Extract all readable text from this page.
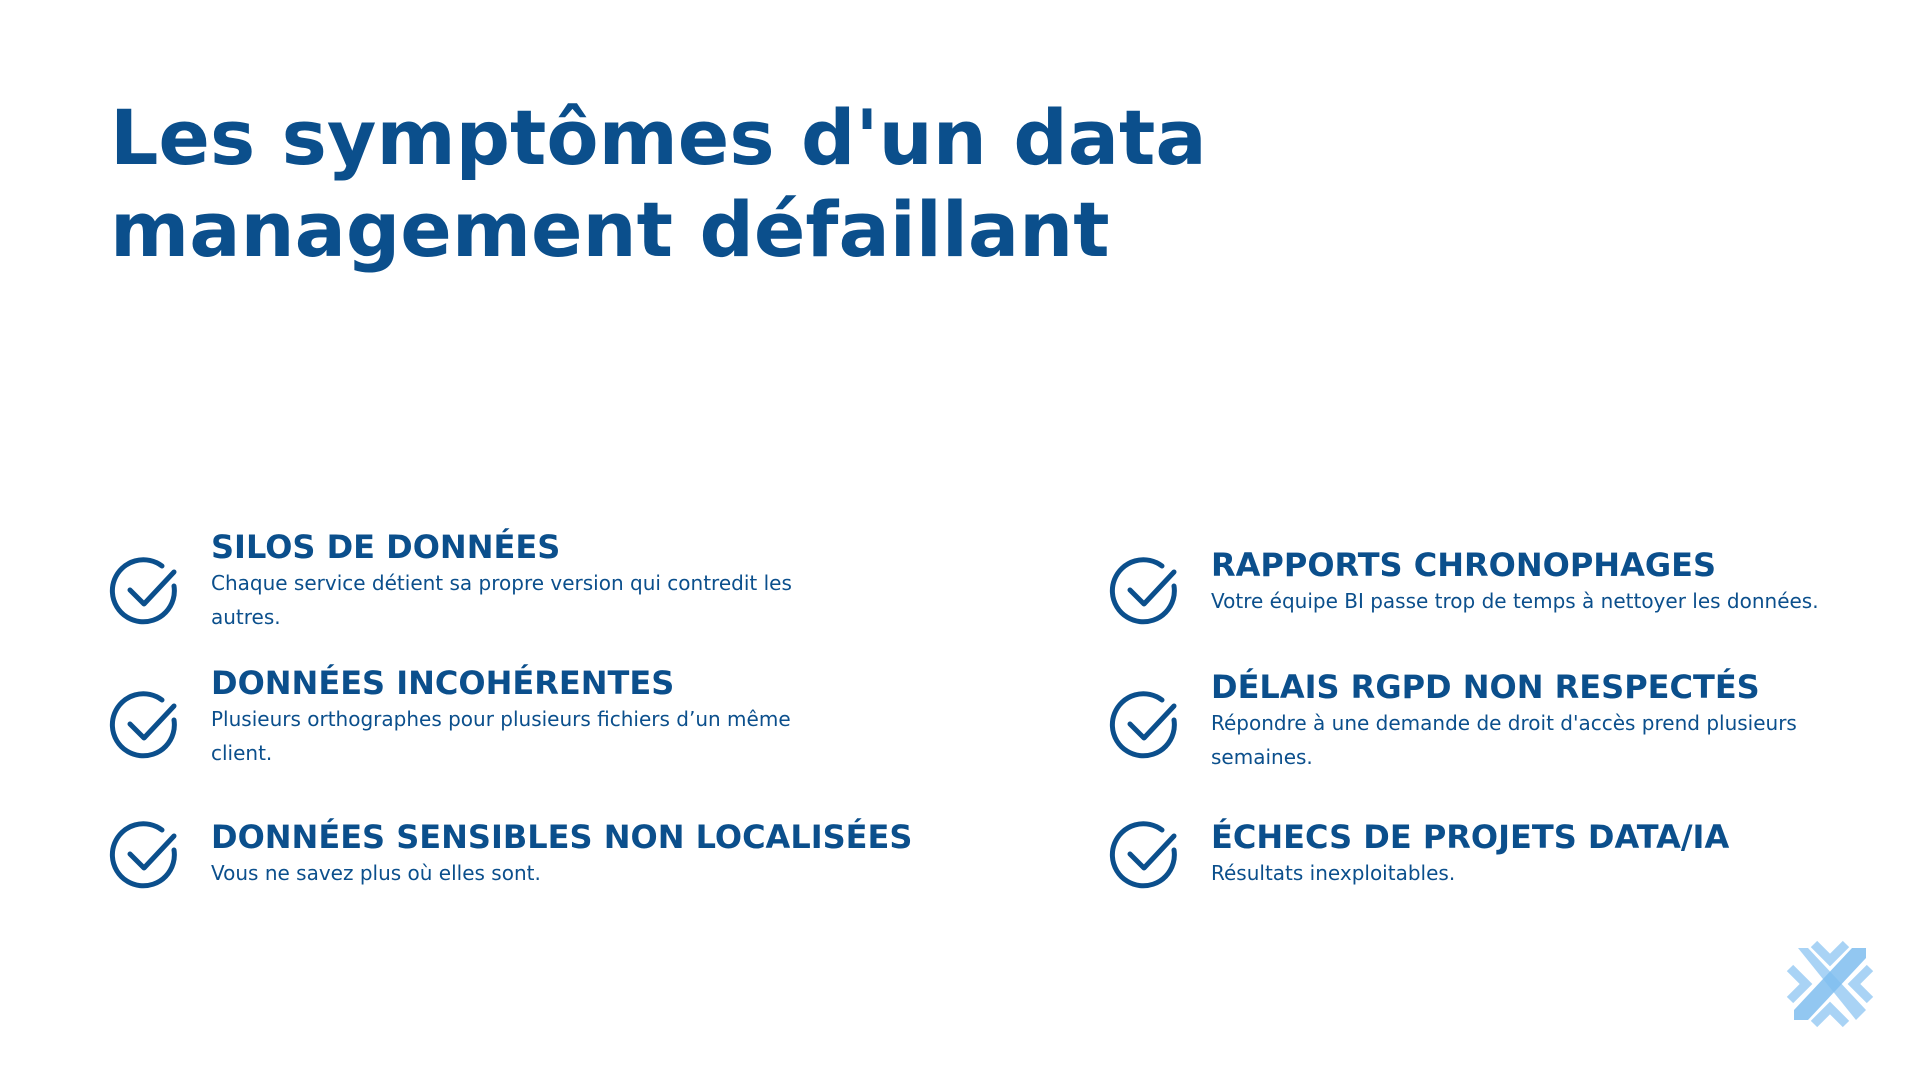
Les symptômes d'un data management défaillant

SILOS DE DONNÉES

Chaque service détient sa propre version qui contredit les autres.

DONNÉES INCOHÉRENTES

Plusieurs orthographes pour plusieurs fichiers d’un même client.

DONNÉES SENSIBLES NON LOCALISÉES

Vous ne savez plus où elles sont.

RAPPORTS CHRONOPHAGES

Votre équipe BI passe trop de temps à nettoyer les données.

DÉLAIS RGPD NON RESPECTÉS

Répondre à une demande de droit d'accès prend plusieurs semaines.

ÉCHECS DE PROJETS DATA/IA

Résultats inexploitables.
